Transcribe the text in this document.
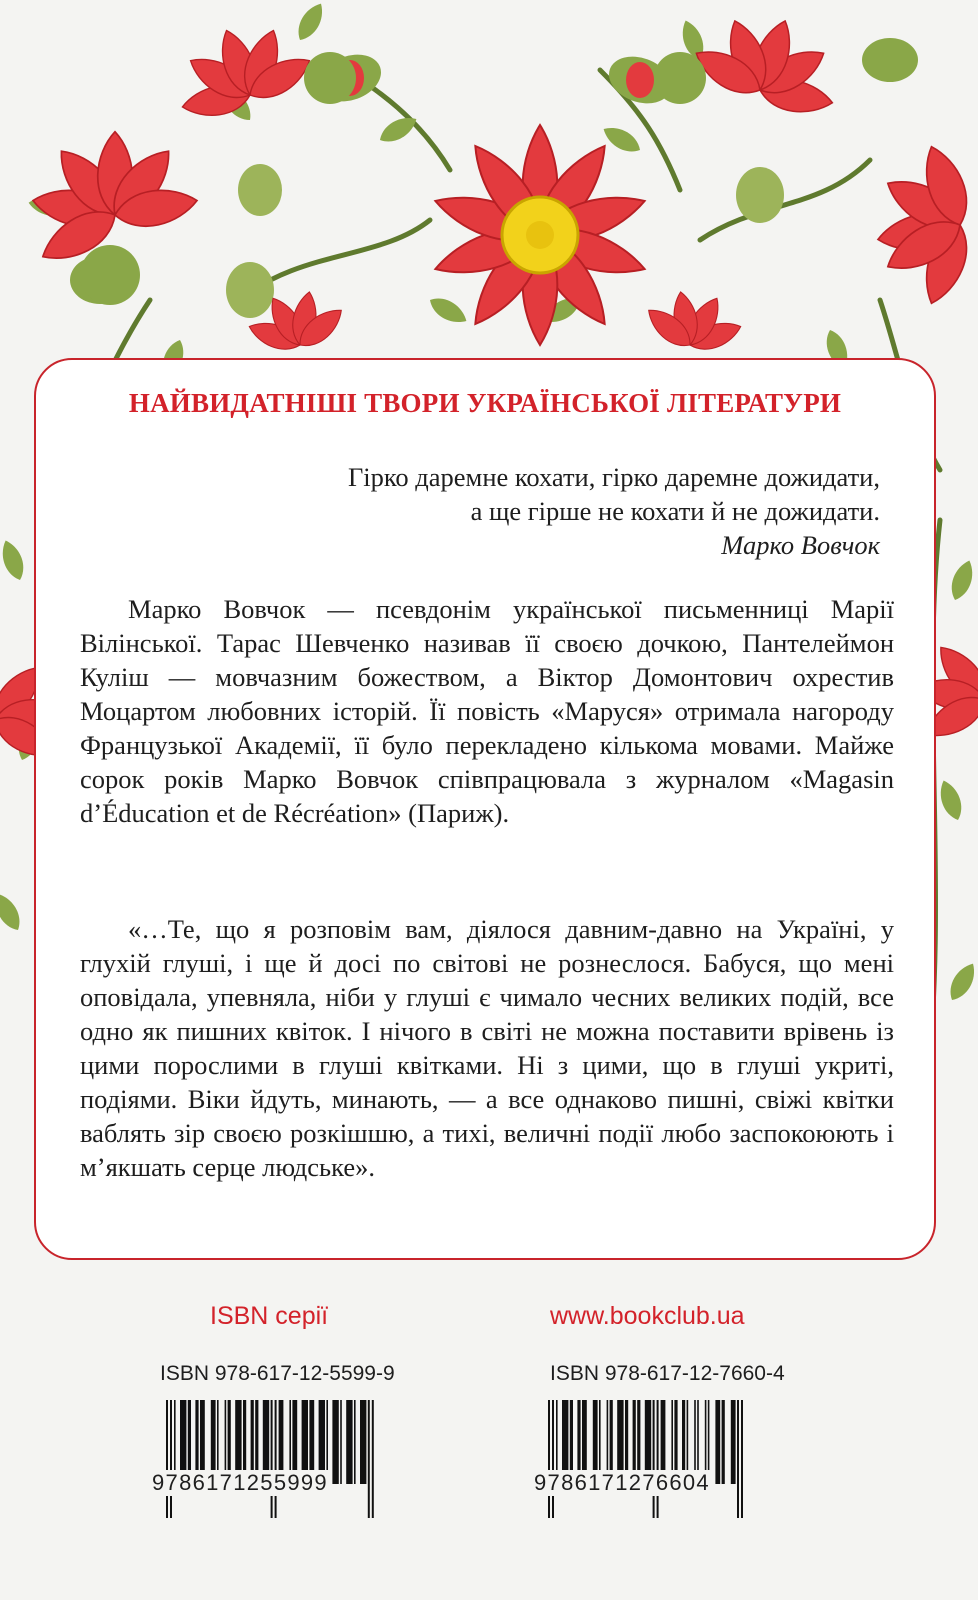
НАЙВИДАТНІШІ ТВОРИ УКРАЇНСЬКОЇ ЛІТЕРАТУРИ
Гірко даремне кохати, гірко даремне дожидати,
а ще гірше не кохати й не дожидати.
Марко Вовчок

Марко Вовчок — псевдонім української письменниці Марії Вілінської. Тарас Шевченко називав її своєю дочкою, Пантелеймон Куліш — мовчазним божеством, а Віктор Домонтович охрестив Моцартом любовних історій. Її повість «Маруся» отримала нагороду Французької Академії, її було перекладено кількома мовами. Майже сорок років Марко Вовчок співпрацювала з журналом «Magasin d’Éducation et de Récréation» (Париж).

«…Те, що я розповім вам, діялося давним-давно на Україні, у глухій глуші, і ще й досі по світові не рознеслося. Бабуся, що мені оповідала, упевняла, ніби у глуші є чимало чесних великих подій, все одно як пишних квіток. І нічого в світі не можна поставити врівень із цими порослими в глуші квітками. Ні з цими, що в глуші укриті, подіями. Віки йдуть, минають, — а все однаково пишні, свіжі квітки ваблять зір своєю розкішшю, а тихі, величні події любо заспокоюють і м’якшать серце людське».

ISBN серії	www.bookclub.ua
ISBN 978-617-12-5599-9	ISBN 978-617-12-7660-4
9786171255999	9786171276604
